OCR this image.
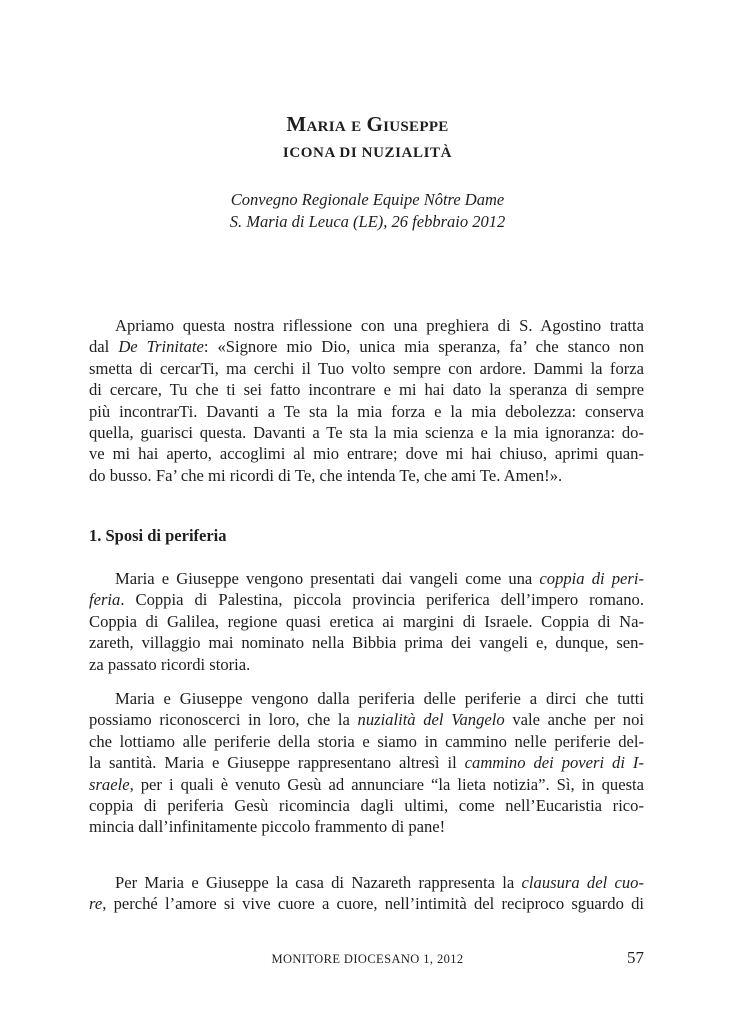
MARIA E GIUSEPPE
ICONA DI NUZIALITÀ
Convegno Regionale Equipe Nôtre Dame
S. Maria di Leuca (LE), 26 febbraio 2012
Apriamo questa nostra riflessione con una preghiera di S. Agostino tratta
dal De Trinitate: «Signore mio Dio, unica mia speranza, fa’ che stanco non
smetta di cercarTi, ma cerchi il Tuo volto sempre con ardore. Dammi la forza
di cercare, Tu che ti sei fatto incontrare e mi hai dato la speranza di sempre
più incontrarTi. Davanti a Te sta la mia forza e la mia debolezza: conserva
quella, guarisci questa. Davanti a Te sta la mia scienza e la mia ignoranza: do-
ve mi hai aperto, accoglimi al mio entrare; dove mi hai chiuso, aprimi quan-
do busso. Fa’ che mi ricordi di Te, che intenda Te, che ami Te. Amen!».
1. Sposi di periferia
Maria e Giuseppe vengono presentati dai vangeli come una coppia di peri-
feria. Coppia di Palestina, piccola provincia periferica dell’impero romano.
Coppia di Galilea, regione quasi eretica ai margini di Israele. Coppia di Na-
zareth, villaggio mai nominato nella Bibbia prima dei vangeli e, dunque, sen-
za passato ricordi storia.
Maria e Giuseppe vengono dalla periferia delle periferie a dirci che tutti
possiamo riconoscerci in loro, che la nuzialità del Vangelo vale anche per noi
che lottiamo alle periferie della storia e siamo in cammino nelle periferie del-
la santità. Maria e Giuseppe rappresentano altresì il cammino dei poveri di I-
sraele, per i quali è venuto Gesù ad annunciare “la lieta notizia”. Sì, in questa
coppia di periferia Gesù ricomincia dagli ultimi, come nell’Eucaristia rico-
mincia dall’infinitamente piccolo frammento di pane!
Per Maria e Giuseppe la casa di Nazareth rappresenta la clausura del cuo-
re, perché l’amore si vive cuore a cuore, nell’intimità del reciproco sguardo di
MONITORE DIOCESANO 1, 2012	57
